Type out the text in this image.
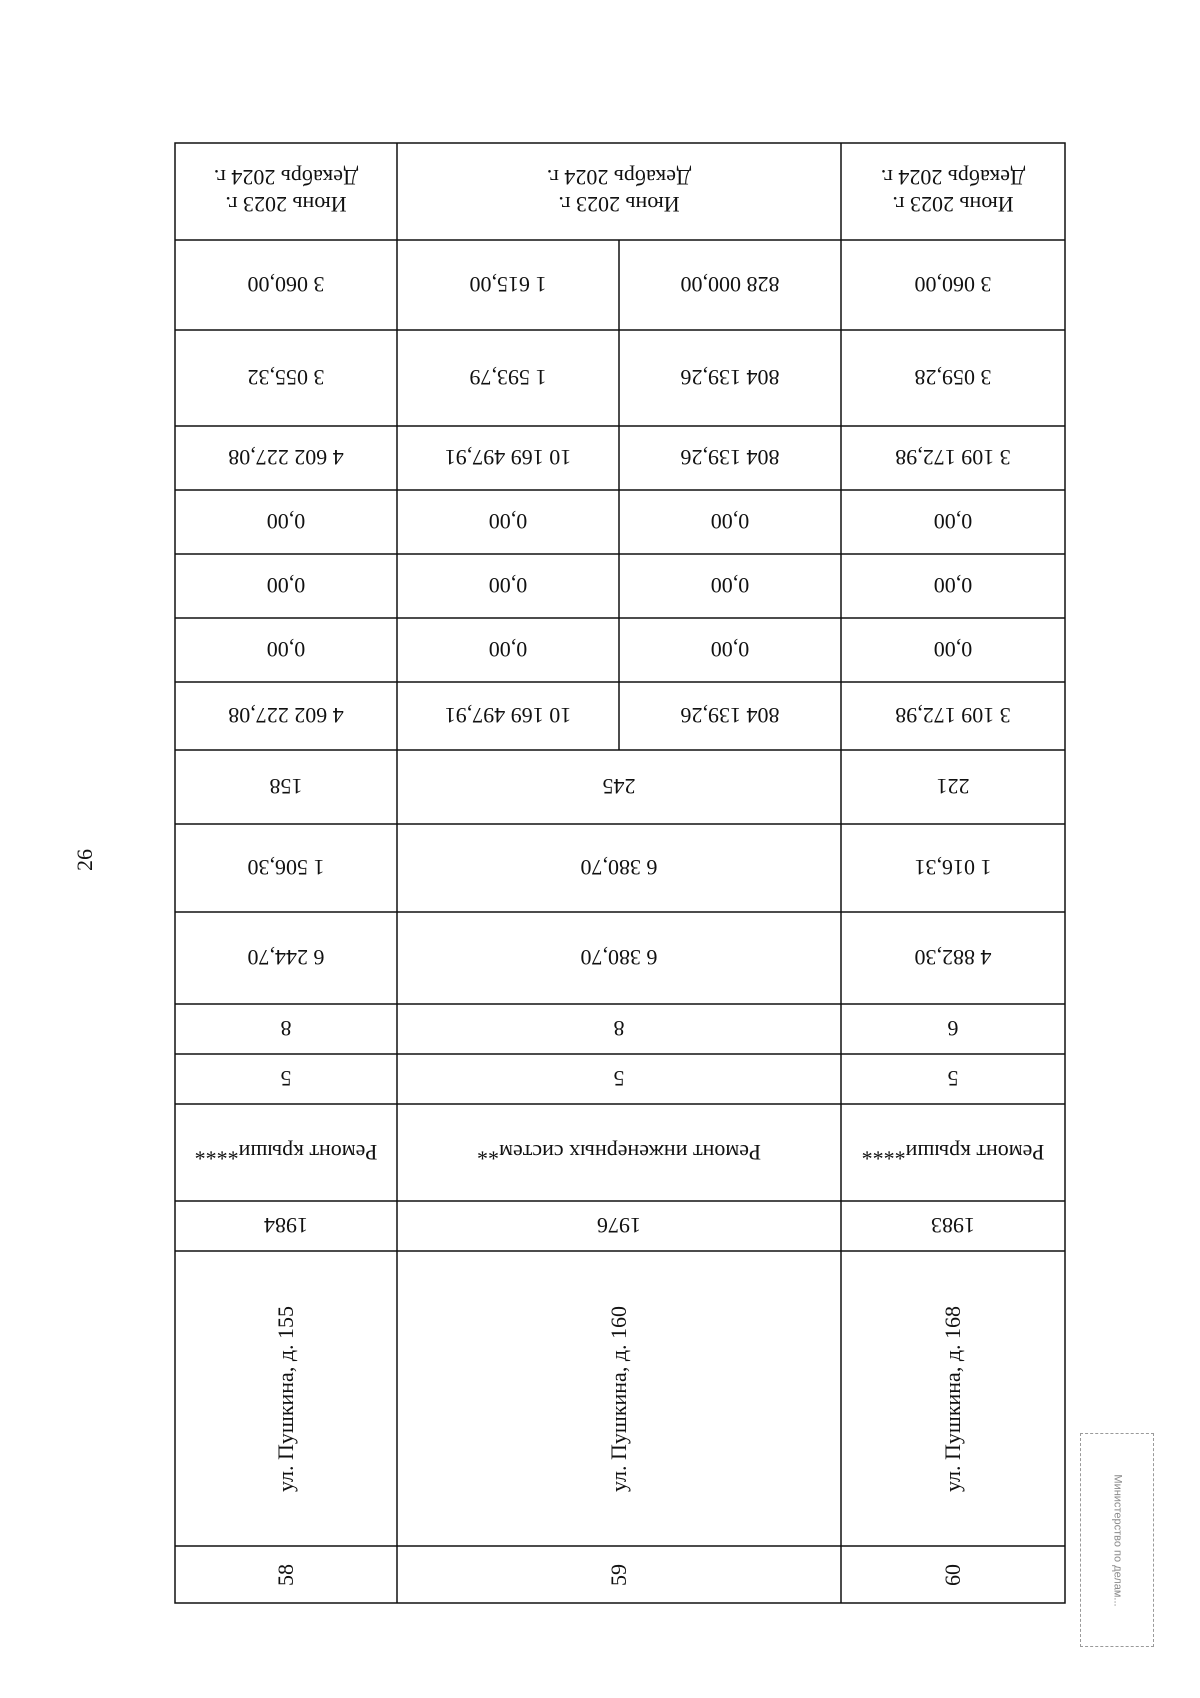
26
Июнь 2023 г. Декабрь 2024 г.
3 060,00
3 055,32
4 602 227,08
0,00
0,00
0,00
4 602 227,08
158
1 506,30
6 244,70
8
5
Ремонт крыши****
1984
ул. Пушкина, д. 155
58
Июнь 2023 г. Декабрь 2024 г.
1 615,00	828 000,00
1 593,79	804 139,26
10 169 497,91	804 139,26
0,00	0,00
0,00	0,00
0,00	0,00
10 169 497,91	804 139,26
245
6 380,70
6 380,70
8
5
Ремонт инженерных систем**
1976
ул. Пушкина, д. 160
59
Июнь 2023 г. Декабрь 2024 г.
3 060,00
3 059,28
3 109 172,98
0,00
0,00
0,00
3 109 172,98
221
1 016,31
4 882,30
6
5
Ремонт крыши****
1983
ул. Пушкина, д. 168
60	Министерство по делам...
